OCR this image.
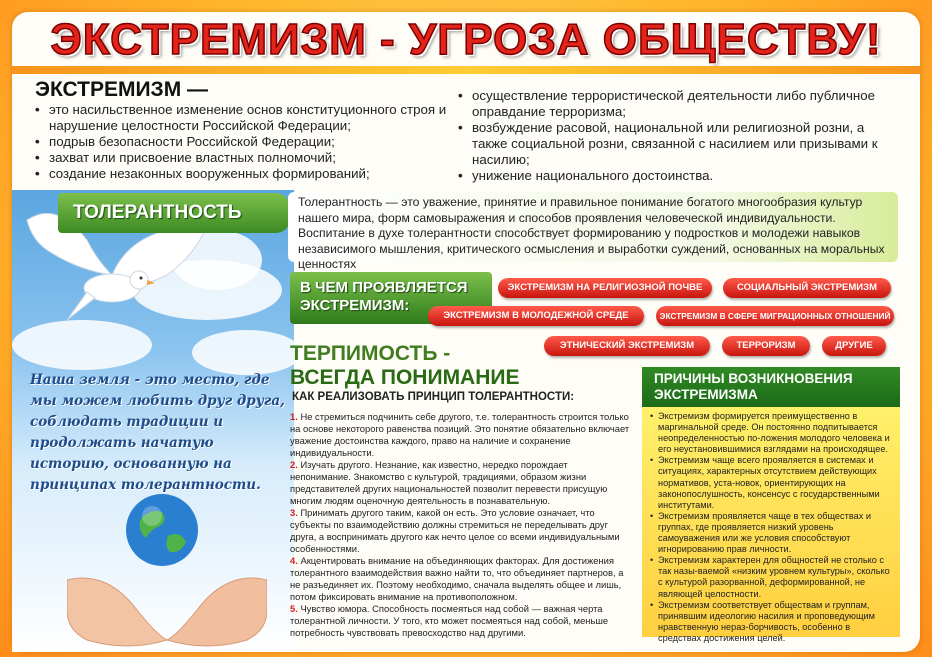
ЭКСТРЕМИЗМ - УГРОЗА ОБЩЕСТВУ!
ЭКСТРЕМИЗМ —
• это насильственное изменение основ конституционного строя и нарушение целостности Российской Федерации;
• подрыв безопасности Российской Федерации;
• захват или присвоение властных полномочий;
• создание незаконных вооруженных формирований;
• осуществление террористической деятельности либо публичное оправдание терроризма;
• возбуждение расовой, национальной или религиозной розни, а также социальной розни, связанной с насилием или призывами к насилию;
• унижение национального достоинства.
Наша земля - это место, где мы можем любить друг друга, соблюдать традиции и продолжать начатую историю, основанную на принципах толерантности.
ТОЛЕРАНТНОСТЬ	Толерантность — это уважение, принятие и правильное понимание богатого многообразия культур нашего мира, форм самовыражения и способов проявления человеческой индивидуальности. Воспитание в духе толерантности способствует формированию у подростков и молодежи навыков независимого мышления, критического осмысления и выработки суждений, основанных на моральных ценностях
В ЧЕМ ПРОЯВЛЯЕТСЯ
ЭКСТРЕМИЗМ:
ЭКСТРЕМИЗМ НА РЕЛИГИОЗНОЙ ПОЧВЕ	СОЦИАЛЬНЫЙ ЭКСТРЕМИЗМ
ЭКСТРЕМИЗМ В МОЛОДЕЖНОЙ СРЕДЕ	ЭКСТРЕМИЗМ В СФЕРЕ МИГРАЦИОННЫХ ОТНОШЕНИЙ
ЭТНИЧЕСКИЙ ЭКСТРЕМИЗМ	ТЕРРОРИЗМ	ДРУГИЕ
ТЕРПИМОСТЬ -
ВСЕГДА ПОНИМАНИЕ
КАК РЕАЛИЗОВАТЬ ПРИНЦИП ТОЛЕРАНТНОСТИ:

1. Не стремиться подчинить себе другого, т.е. толерантность строится только на основе некоторого равенства позиций. Это понятие обязательно включает уважение достоинства каждого, право на наличие и сохранение индивидуальности.

2. Изучать другого. Незнание, как известно, нередко порождает непонимание. Знакомство с культурой, традициями, образом жизни представителей других национальностей позволит перевести присущую многим людям оценочную деятельность в познавательную.

3. Принимать другого таким, какой он есть. Это условие означает, что субъекты по взаимодействию должны стремиться не переделывать друг друга, а воспринимать другого как нечто целое со всеми индивидуальными особенностями.

4. Акцентировать внимание на объединяющих факторах. Для достижения толерантного взаимодействия важно найти то, что объединяет партнеров, а не разъединяет их. Поэтому необходимо, сначала выделять общее и лишь, потом фиксировать внимание на противоположном.

5. Чувство юмора. Способность посмеяться над собой — важная черта толерантной личности. У того, кто может посмеяться над собой, меньше потребность чувствовать превосходство над другими.

ПРИЧИНЫ ВОЗНИКНОВЕНИЯ ЭКСТРЕМИЗМА
• Экстремизм формируется преимущественно в маргинальной среде. Он постоянно подпитывается неопределенностью по-ложения молодого человека и его неустановившимися взглядами на происходящее.
• Экстремизм чаще всего проявляется в системах и ситуациях, характерных отсутствием действующих нормативов, уста-новок, ориентирующих на законопослушность, консенсус с государственными институтами.
• Экстремизм проявляется чаще в тех обществах и группах, где проявляется низкий уровень самоуважения или же условия способствуют игнорированию прав личности.
• Экстремизм характерен для общностей не столько с так назы-ваемой «низким уровнем культуры», сколько с культурой разорванной, деформированной, не являющей целостности.
• Экстремизм соответствует обществам и группам, принявшим идеологию насилия и проповедующим нравственную нераз-борчивость, особенно в средствах достижения целей.
